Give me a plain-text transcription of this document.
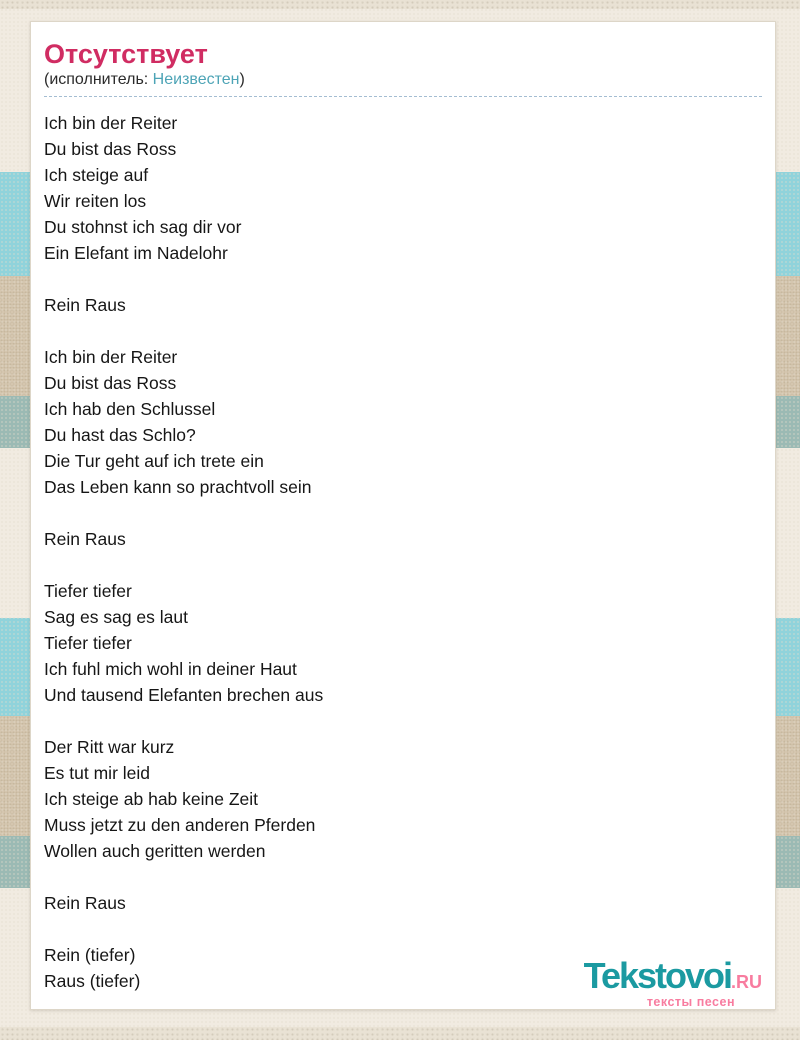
Отсутствует
(исполнитель: Неизвестен)
Ich bin der Reiter
Du bist das Ross
Ich steige auf
Wir reiten los
Du stohnst ich sag dir vor
Ein Elefant im Nadelohr
Rein Raus
Ich bin der Reiter
Du bist das Ross
Ich hab den Schlussel
Du hast das Schlo?
Die Tur geht auf ich trete ein
Das Leben kann so prachtvoll sein
Rein Raus
Tiefer tiefer
Sag es sag es laut
Tiefer tiefer
Ich fuhl mich wohl in deiner Haut
Und tausend Elefanten brechen aus
Der Ritt war kurz
Es tut mir leid
Ich steige ab hab keine Zeit
Muss jetzt zu den anderen Pferden
Wollen auch geritten werden
Rein Raus
Rein (tiefer)
Raus (tiefer)	Tekstovoi.RU
тексты песен
